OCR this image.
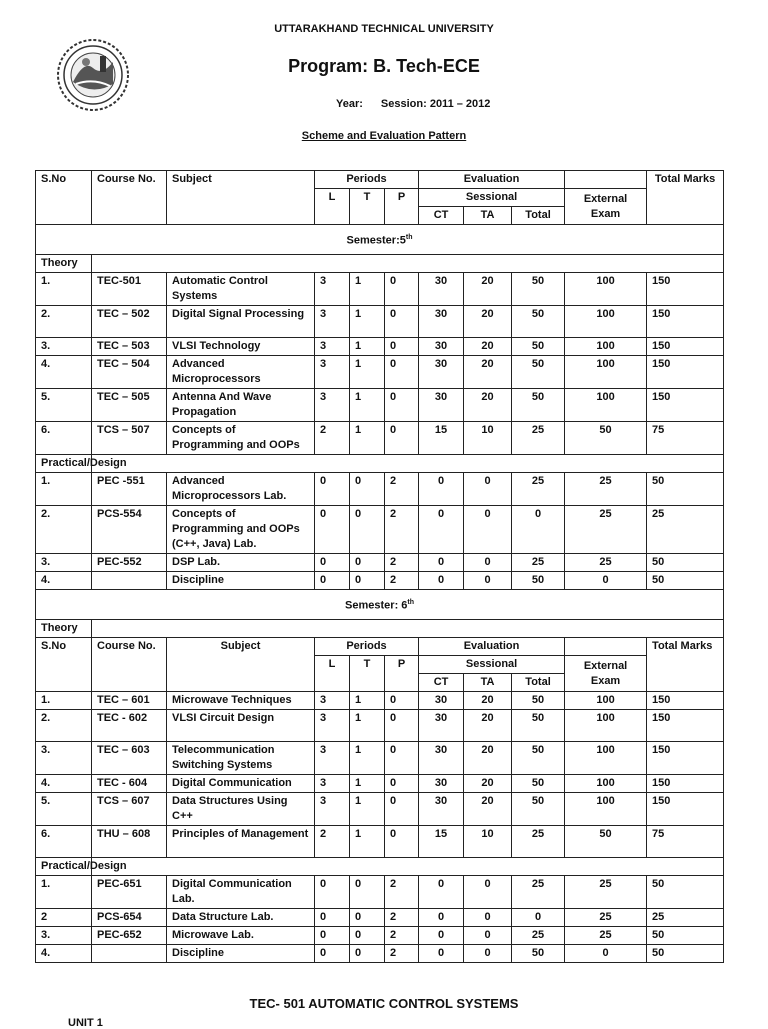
UTTARAKHAND TECHNICAL UNIVERSITY
Program: B. Tech-ECE
Year: Session: 2011 – 2012
Scheme and Evaluation Pattern
S.No	Course No.	Subject	Periods			Evaluation				Total Marks
			L	T	P	Sessional			External Exam	
						CT	TA	Total		
Semester:5th
Theory										
1.	TEC-501	Automatic Control Systems	3	1	0	30	20	50	100	150
2.	TEC – 502	Digital Signal Processing	3	1	0	30	20	50	100	150
3.	TEC – 503	VLSI Technology	3	1	0	30	20	50	100	150
4.	TEC – 504	Advanced Microprocessors	3	1	0	30	20	50	100	150
5.	TEC – 505	Antenna And Wave Propagation	3	1	0	30	20	50	100	150
6.	TCS – 507	Concepts of Programming and OOPs	2	1	0	15	10	25	50	75
Practical/Design										
1.	PEC -551	Advanced Microprocessors Lab.	0	0	2	0	0	25	25	50
2.	PCS-554	Concepts of Programming and OOPs (C++, Java) Lab.	0	0	2	0	0	0	25	25
3.	PEC-552	DSP Lab.	0	0	2	0	0	25	25	50
4.		Discipline	0	0	2	0	0	50	0	50
Semester: 6th
Theory										
S.No	Course No.	Subject	Periods			Evaluation				Total Marks
			L	T	P	Sessional			External Exam	
						CT	TA	Total		
1.	TEC – 601	Microwave Techniques	3	1	0	30	20	50	100	150
2.	TEC - 602	VLSI Circuit Design	3	1	0	30	20	50	100	150
3.	TEC – 603	Telecommunication Switching Systems	3	1	0	30	20	50	100	150
4.	TEC - 604	Digital Communication	3	1	0	30	20	50	100	150
5.	TCS – 607	Data Structures Using C++	3	1	0	30	20	50	100	150
6.	THU – 608	Principles of Management	2	1	0	15	10	25	50	75
Practical/Design										
1.	PEC-651	Digital Communication Lab.	0	0	2	0	0	25	25	50
2	PCS-654	Data Structure Lab.	0	0	2	0	0	0	25	25
3.	PEC-652	Microwave Lab.	0	0	2	0	0	25	25	50
4.		Discipline	0	0	2	0	0	50	0	50
TEC- 501 AUTOMATIC CONTROL SYSTEMS
UNIT 1
